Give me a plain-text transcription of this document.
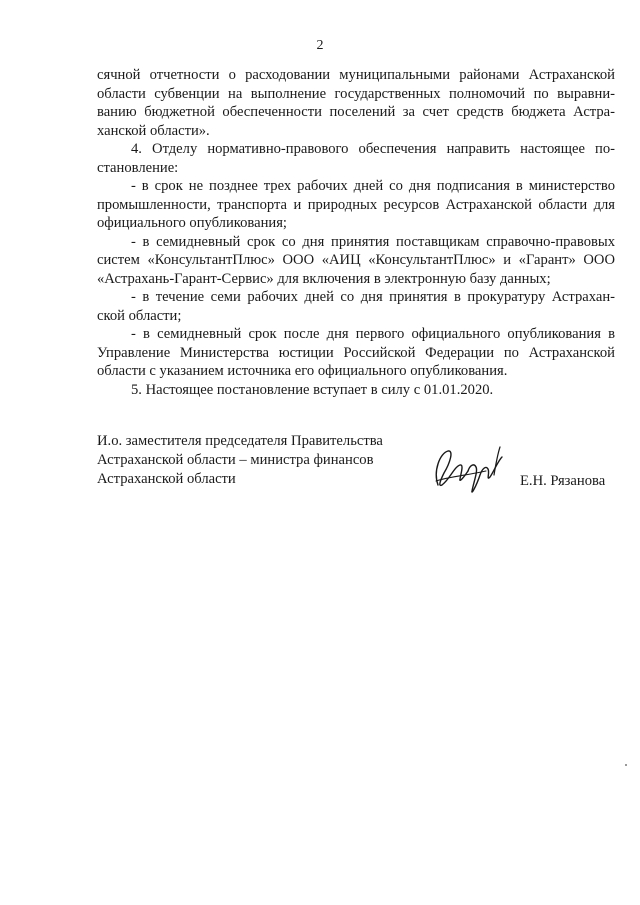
2
сячной отчетности о расходовании муниципальными районами Астраханской
области субвенции на выполнение государственных полномочий по выравни-
ванию бюджетной обеспеченности поселений за счет средств бюджета Астра-
ханской области».
4. Отделу нормативно-правового обеспечения направить настоящее по-
становление:
- в срок не позднее трех рабочих дней со дня подписания в министерство
промышленности, транспорта и природных ресурсов Астраханской области для
официального опубликования;
- в семидневный срок со дня принятия поставщикам справочно-правовых
систем «КонсультантПлюс» ООО «АИЦ «КонсультантПлюс» и «Гарант» ООО
«Астрахань-Гарант-Сервис» для включения в электронную базу данных;
- в течение семи рабочих дней со дня принятия в прокуратуру Астрахан-
ской области;
- в семидневный срок после дня первого официального опубликования в
Управление Министерства юстиции Российской Федерации по Астраханской
области с указанием источника его официального опубликования.
5. Настоящее постановление вступает в силу с 01.01.2020.
И.о. заместителя председателя Правительства
Астраханской области – министра финансов
Астраханской области	Е.Н. Рязанова
